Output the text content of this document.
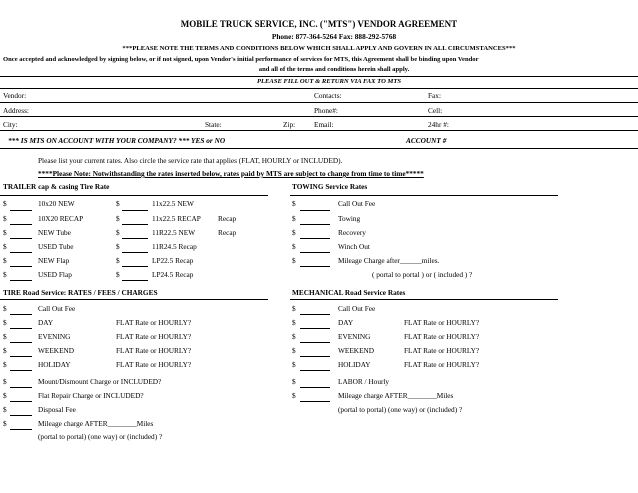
MOBILE TRUCK SERVICE, INC. ("MTS") VENDOR AGREEMENT
Phone: 877-364-5264 Fax: 888-292-5768
***PLEASE NOTE THE TERMS AND CONDITIONS BELOW WHICH SHALL APPLY AND GOVERN IN ALL CIRCUMSTANCES***
Once accepted and acknowledged by signing below, or if not signed, upon Vendor's initial performance of services for MTS, this Agreement shall be binding upon Vendor
and all of the terms and conditions herein shall apply.
PLEASE FILL OUT & RETURN VIA FAX TO MTS
Vendor:	Contacts:	Fax:
Address:	Phone#:	Cell:
City:	State:	Zip:	Email:	24hr #:
*** IS MTS ON ACCOUNT WITH YOUR COMPANY? *** YES or NO	ACCOUNT #
Please list your current rates. Also circle the service rate that applies (FLAT, HOURLY or INCLUDED).
****Please Note: Notwithstanding the rates inserted below, rates paid by MTS are subject to change from time to time*****
TRAILER cap & casing Tire Rate
$	10x20 NEW	$	11x22.5 NEW
$	10X20 RECAP	$	11x22.5 RECAP Recap
$	NEW Tube	$	11R22.5 NEW	Recap
$	USED Tube	$	11R24.5 Recap
$	NEW Flap	$	LP22.5 Recap
$	USED Flap	$	LP24.5 Recap
TOWING Service Rates
$	Call Out Fee
$	Towing
$	Recovery
$	Winch Out
$	Mileage Charge after______miles.
( portal to portal ) or ( included ) ?
TIRE Road Service: RATES / FEES / CHARGES
$	Call Out Fee
$	DAY	FLAT Rate or HOURLY?
$	EVENING	FLAT Rate or HOURLY?
$	WEEKEND	FLAT Rate or HOURLY?
$	HOLIDAY	FLAT Rate or HOURLY?
$	Mount/Dismount Charge or INCLUDED?
$	Flat Repair Charge or INCLUDED?
$	Disposal Fee
$	Mileage charge AFTER________Miles
(portal to portal) (one way) or (included) ?
MECHANICAL Road Service Rates
$	Call Out Fee
$	DAY	FLAT Rate or HOURLY?
$	EVENING	FLAT Rate or HOURLY?
$	WEEKEND	FLAT Rate or HOURLY?
$	HOLIDAY	FLAT Rate or HOURLY?
$	LABOR / Hourly
$	Mileage charge AFTER________Miles
(portal to portal) (one way) or (included) ?
